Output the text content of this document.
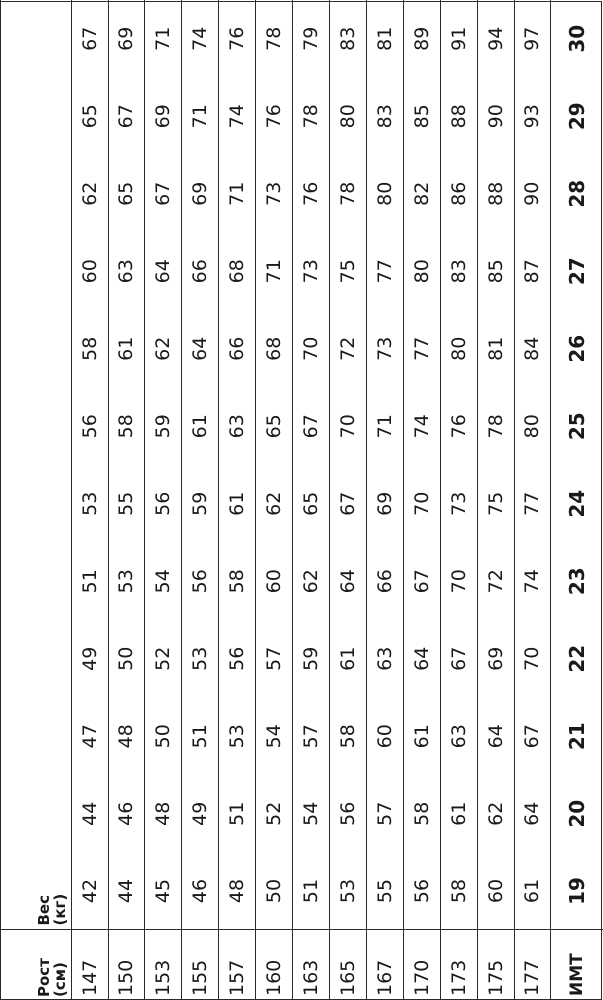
Рост
(см)	Вес
(кг)											

147	42	44	47	49	51	53	56	58	60	62	65	67
150	44	46	48	50	53	55	58	61	63	65	67	69
153	45	48	50	52	54	56	59	62	64	67	69	71
155	46	49	51	53	56	59	61	64	66	69	71	74
157	48	51	53	56	58	61	63	66	68	71	74	76
160	50	52	54	57	60	62	65	68	71	73	76	78
163	51	54	57	59	62	65	67	70	73	76	78	79
165	53	56	58	61	64	67	70	72	75	78	80	83
167	55	57	60	63	66	69	71	73	77	80	83	81
170	56	58	61	64	67	70	74	77	80	82	85	89
173	58	61	63	67	70	73	76	80	83	86	88	91
175	60	62	64	69	72	75	78	81	85	88	90	94
177	61	64	67	70	74	77	80	84	87	90	93	97
ИМТ	19	20	21	22	23	24	25	26	27	28	29	30
